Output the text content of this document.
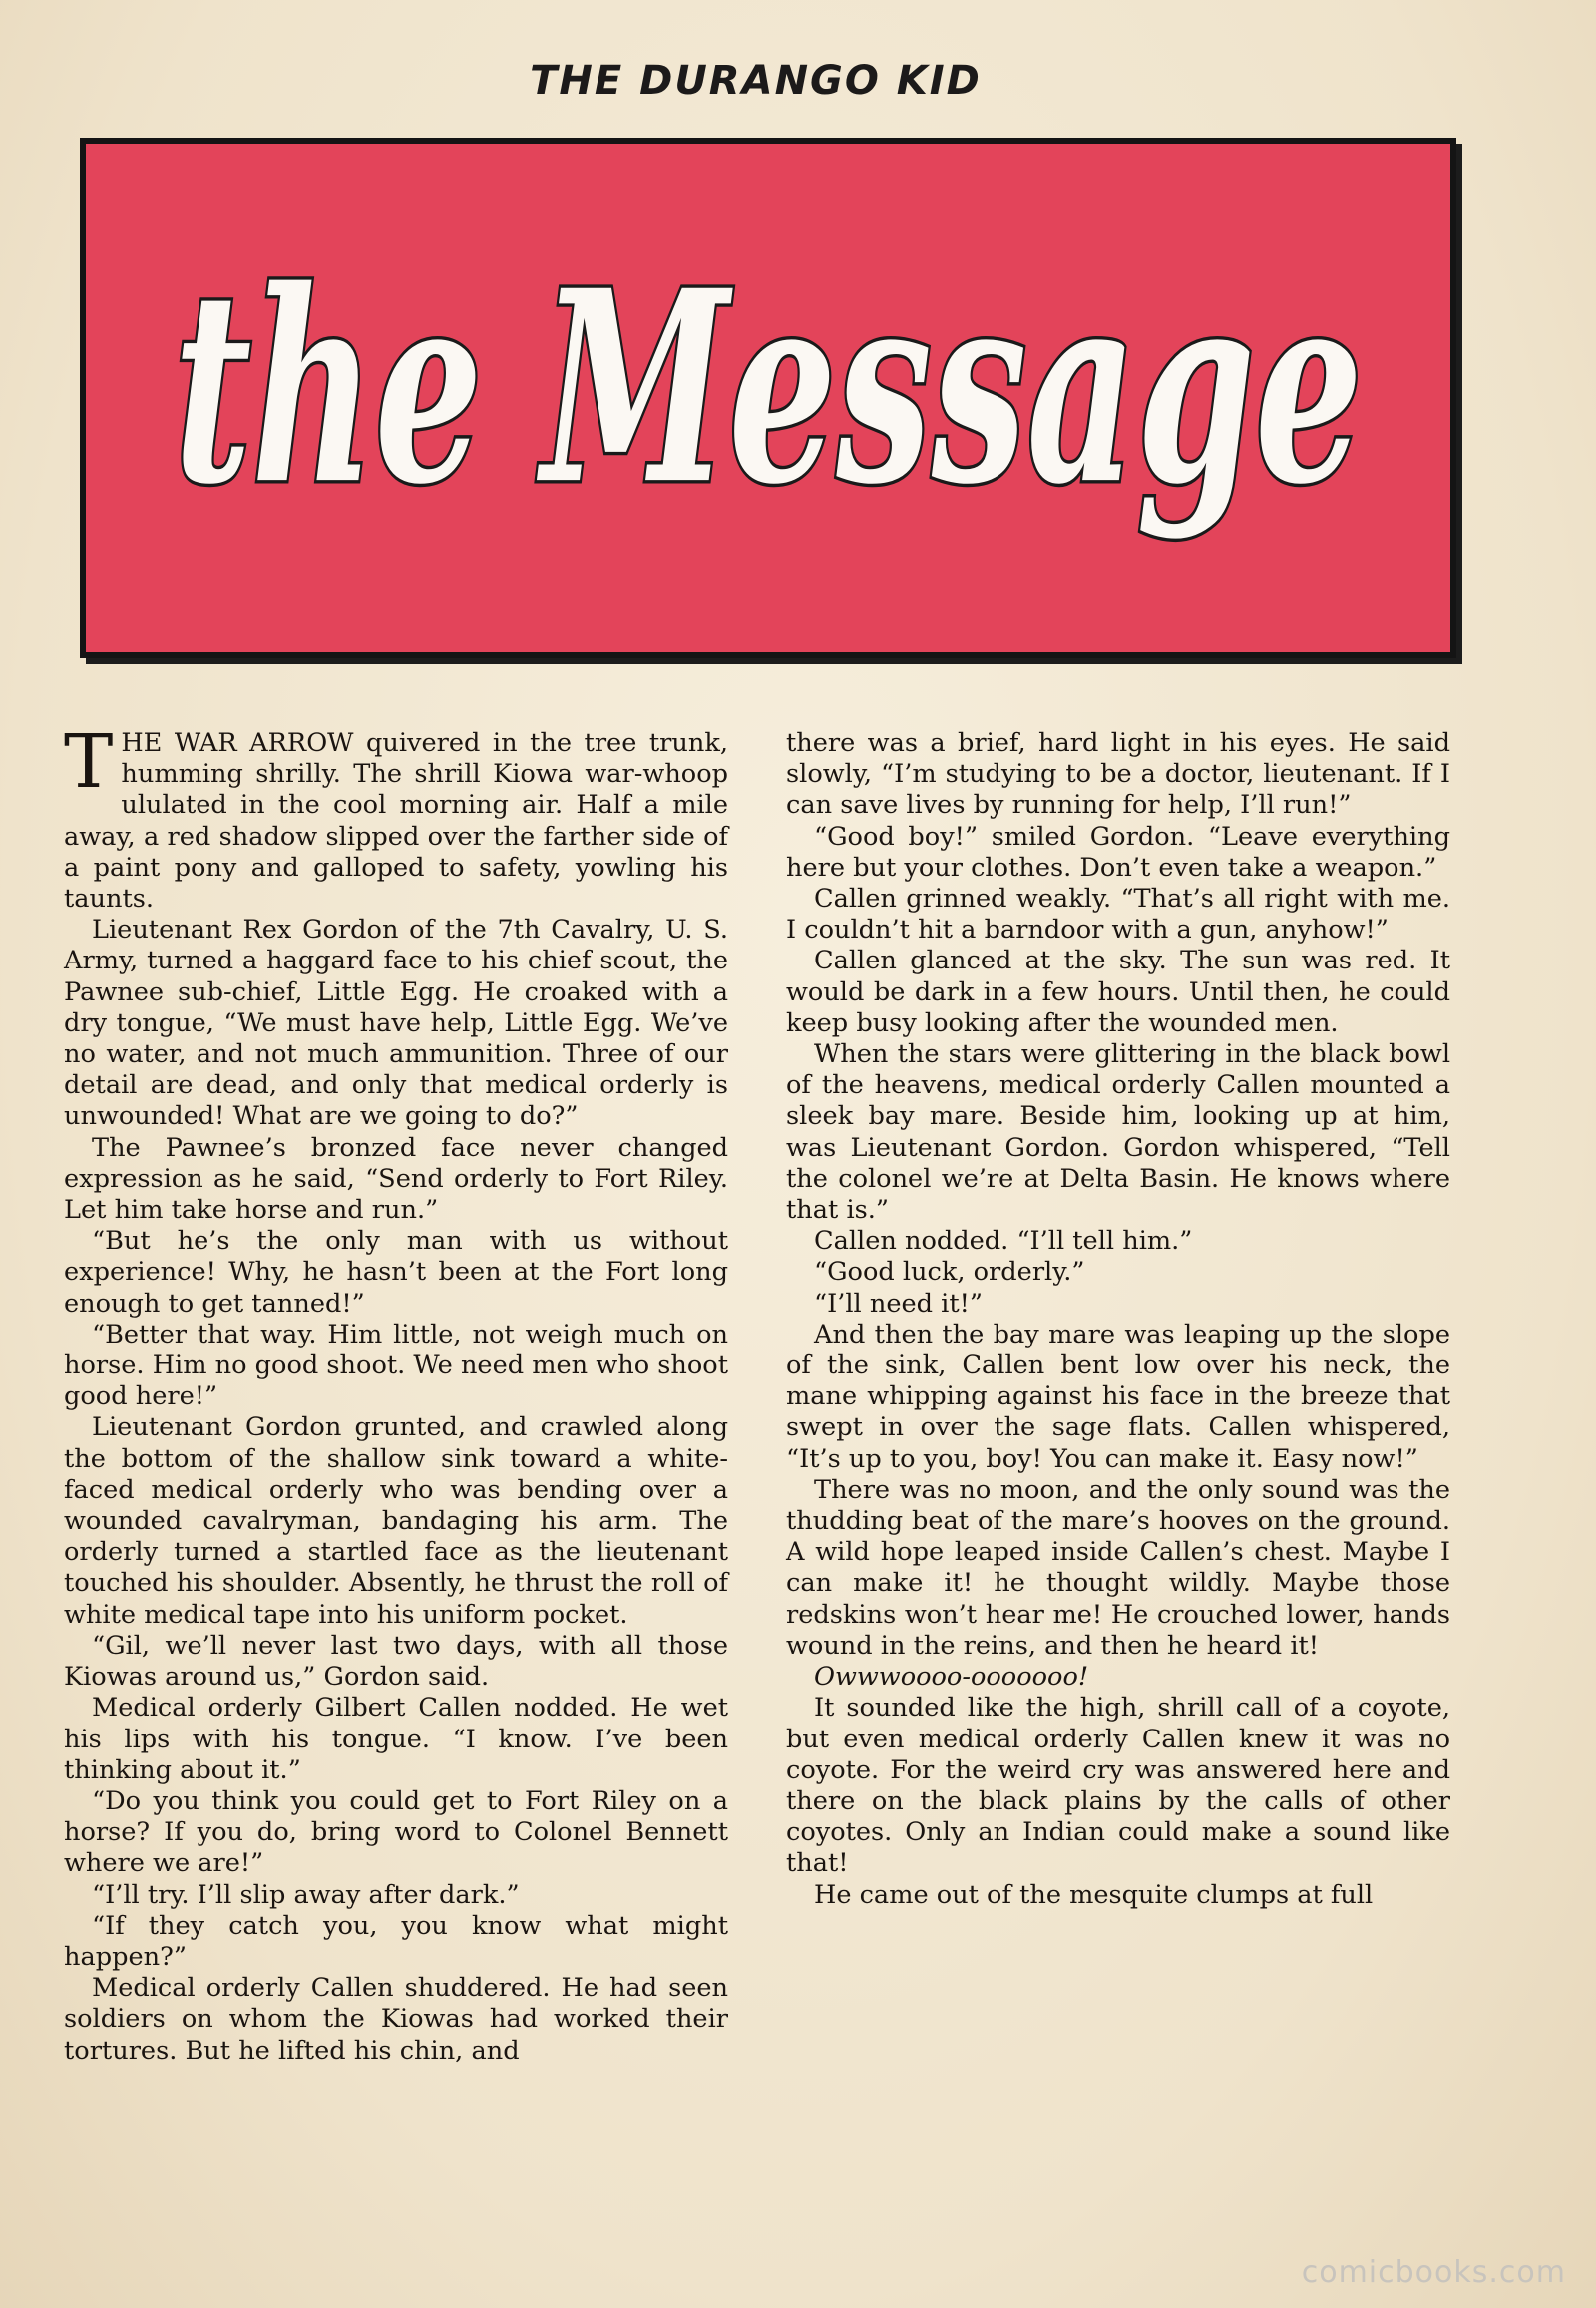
THE DURANGO KID
the Message

THE WAR ARROW quivered in the tree trunk, humming shrilly. The shrill Kiowa war-whoop ululated in the cool morning air. Half a mile away, a red shadow slipped over the farther side of a paint pony and galloped to safety, yowling his taunts.

Lieutenant Rex Gordon of the 7th Cavalry, U. S. Army, turned a haggard face to his chief scout, the Pawnee sub-chief, Little Egg. He croaked with a dry tongue, “We must have help, Little Egg. We’ve no water, and not much ammunition. Three of our detail are dead, and only that medical orderly is unwounded! What are we going to do?”

The Pawnee’s bronzed face never changed expression as he said, “Send orderly to Fort Riley. Let him take horse and run.”

“But he’s the only man with us without experience! Why, he hasn’t been at the Fort long enough to get tanned!”

“Better that way. Him little, not weigh much on horse. Him no good shoot. We need men who shoot good here!”

Lieutenant Gordon grunted, and crawled along the bottom of the shallow sink toward a white-faced medical orderly who was bending over a wounded cavalryman, bandaging his arm. The orderly turned a startled face as the lieutenant touched his shoulder. Absently, he thrust the roll of white medical tape into his uniform pocket.

“Gil, we’ll never last two days, with all those Kiowas around us,” Gordon said.

Medical orderly Gilbert Callen nodded. He wet his lips with his tongue. “I know. I’ve been thinking about it.”

“Do you think you could get to Fort Riley on a horse? If you do, bring word to Colonel Bennett where we are!”

“I’ll try. I’ll slip away after dark.”

“If they catch you, you know what might happen?”

Medical orderly Callen shuddered. He had seen soldiers on whom the Kiowas had worked their tortures. But he lifted his chin, and

there was a brief, hard light in his eyes. He said slowly, “I’m studying to be a doctor, lieutenant. If I can save lives by running for help, I’ll run!”

“Good boy!” smiled Gordon. “Leave everything here but your clothes. Don’t even take a weapon.”

Callen grinned weakly. “That’s all right with me. I couldn’t hit a barndoor with a gun, anyhow!”

Callen glanced at the sky. The sun was red. It would be dark in a few hours. Until then, he could keep busy looking after the wounded men.

When the stars were glittering in the black bowl of the heavens, medical orderly Callen mounted a sleek bay mare. Beside him, looking up at him, was Lieutenant Gordon. Gordon whispered, “Tell the colonel we’re at Delta Basin. He knows where that is.”

Callen nodded. “I’ll tell him.”

“Good luck, orderly.”

“I’ll need it!”

And then the bay mare was leaping up the slope of the sink, Callen bent low over his neck, the mane whipping against his face in the breeze that swept in over the sage flats. Callen whispered, “It’s up to you, boy! You can make it. Easy now!”

There was no moon, and the only sound was the thudding beat of the mare’s hooves on the ground. A wild hope leaped inside Callen’s chest. Maybe I can make it! he thought wildly. Maybe those redskins won’t hear me! He crouched lower, hands wound in the reins, and then he heard it!

Owwwoooo-ooooooo!

It sounded like the high, shrill call of a coyote, but even medical orderly Callen knew it was no coyote. For the weird cry was answered here and there on the black plains by the calls of other coyotes. Only an Indian could make a sound like that!

He came out of the mesquite clumps at full

comicbooks.com
